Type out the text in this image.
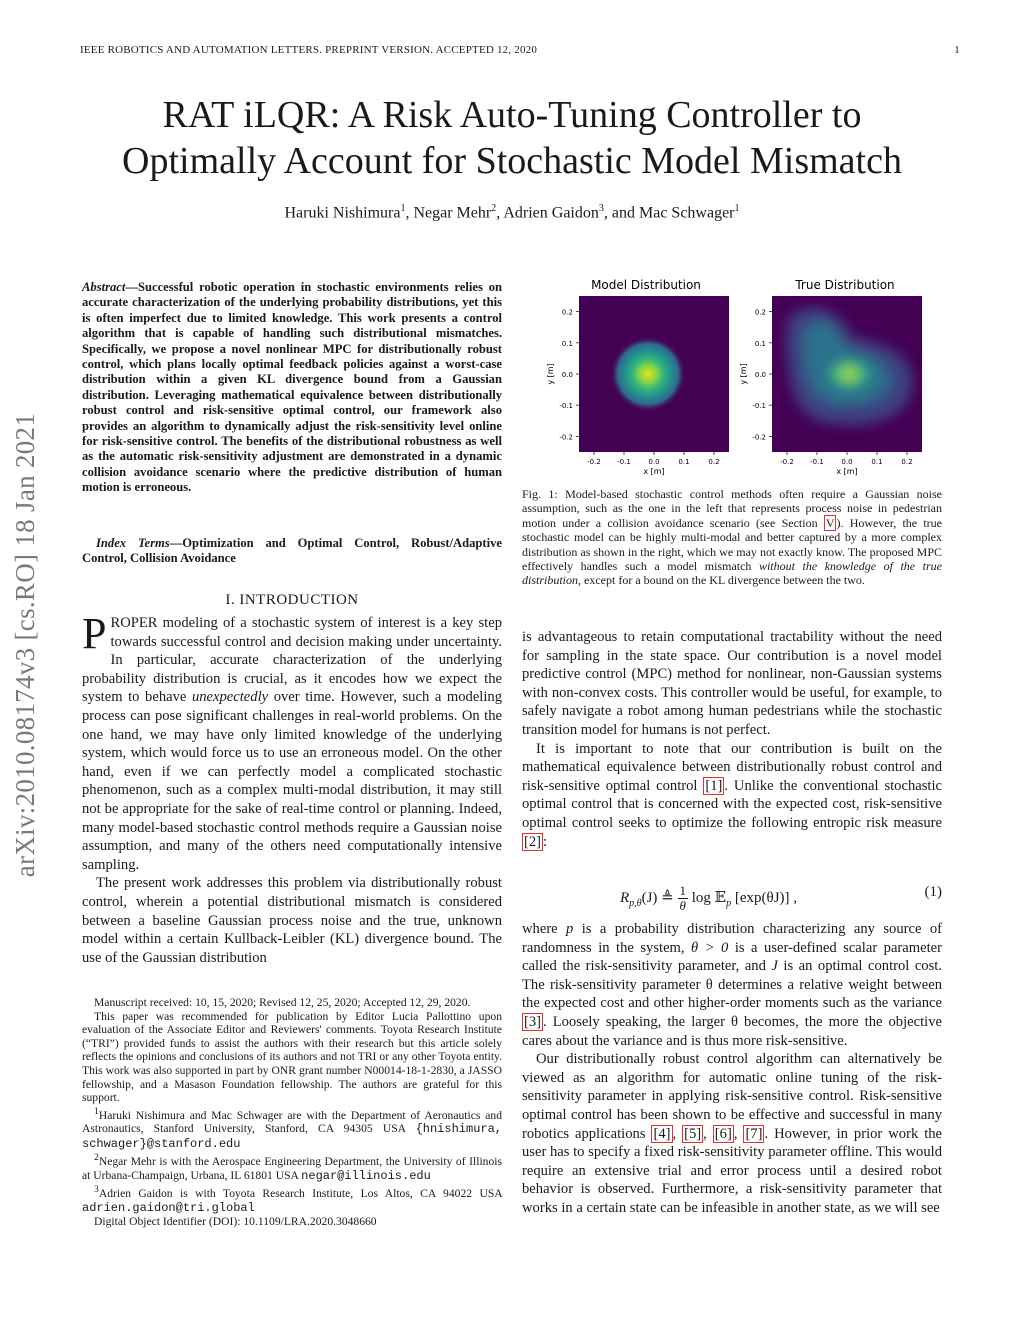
IEEE ROBOTICS AND AUTOMATION LETTERS. PREPRINT VERSION. ACCEPTED 12, 2020	1
RAT iLQR: A Risk Auto-Tuning Controller to
Optimally Account for Stochastic Model Mismatch
Haruki Nishimura$^1$, Negar Mehr$^2$, Adrien Gaidon$^3$, and Mac Schwager$^1$
arXiv:2010.08174v3 [cs.RO] 18 Jan 2021
Abstract—Successful robotic operation in stochastic environments relies on accurate characterization of the underlying probability distributions, yet this is often imperfect due to limited knowledge. This work presents a control algorithm that is capable of handling such distributional mismatches. Specifically, we propose a novel nonlinear MPC for distributionally robust control, which plans locally optimal feedback policies against a worst-case distribution within a given KL divergence bound from a Gaussian distribution. Leveraging mathematical equivalence between distributionally robust control and risk-sensitive optimal control, our framework also provides an algorithm to dynamically adjust the risk-sensitivity level online for risk-sensitive control. The benefits of the distributional robustness as well as the automatic risk-sensitivity adjustment are demonstrated in a dynamic collision avoidance scenario where the predictive distribution of human motion is erroneous.
Index Terms—Optimization and Optimal Control, Robust/Adaptive Control, Collision Avoidance
I. INTRODUCTION

PROPER modeling of a stochastic system of interest is a key step towards successful control and decision making under uncertainty. In particular, accurate characterization of the underlying probability distribution is crucial, as it encodes how we expect the system to behave unexpectedly over time. However, such a modeling process can pose significant challenges in real-world problems. On the one hand, we may have only limited knowledge of the underlying system, which would force us to use an erroneous model. On the other hand, even if we can perfectly model a complicated stochastic phenomenon, such as a complex multi-modal distribution, it may still not be appropriate for the sake of real-time control or planning. Indeed, many model-based stochastic control methods require a Gaussian noise assumption, and many of the others need computationally intensive sampling.

The present work addresses this problem via distributionally robust control, wherein a potential distributional mismatch is considered between a baseline Gaussian process noise and the true, unknown model within a certain Kullback-Leibler (KL) divergence bound. The use of the Gaussian distribution

Manuscript received: 10, 15, 2020; Revised 12, 25, 2020; Accepted 12, 29, 2020.

This paper was recommended for publication by Editor Lucia Pallottino upon evaluation of the Associate Editor and Reviewers' comments. Toyota Research Institute (“TRI”) provided funds to assist the authors with their research but this article solely reflects the opinions and conclusions of its authors and not TRI or any other Toyota entity. This work was also supported in part by ONR grant number N00014-18-1-2830, a JASSO fellowship, and a Masason Foundation fellowship. The authors are grateful for this support.

$^1$Haruki Nishimura and Mac Schwager are with the Department of Aeronautics and Astronautics, Stanford University, Stanford, CA 94305 USA {hnishimura, schwager}@stanford.edu

$^2$Negar Mehr is with the Aerospace Engineering Department, the University of Illinois at Urbana-Champaign, Urbana, IL 61801 USA negar@illinois.edu

$^3$Adrien Gaidon is with Toyota Research Institute, Los Altos, CA 94022 USA adrien.gaidon@tri.global

Digital Object Identifier (DOI): 10.1109/LRA.2020.3048660

Model Distribution	True Distribution
0.2
0.1
0.0
-0.1
-0.2
-0.2 -0.1	0.0	0.1	0.2
x [m]
y [m]
0.2
0.1
0.0
-0.1
-0.2
-0.2 -0.1	0.0	0.1	0.2
x [m]
y [m]
Fig. 1: Model-based stochastic control methods often require a Gaussian noise assumption, such as the one in the left that represents process noise in pedestrian motion under a collision avoidance scenario (see Section V ). However, the true stochastic model can be highly multi-modal and better captured by a more complex distribution as shown in the right, which we may not exactly know. The proposed MPC effectively handles such a model mismatch without the knowledge of the true distribution, except for a bound on the KL divergence between the two.

is advantageous to retain computational tractability without the need for sampling in the state space. Our contribution is a novel model predictive control (MPC) method for nonlinear, non-Gaussian systems with non-convex costs. This controller would be useful, for example, to safely navigate a robot among human pedestrians while the stochastic transition model for humans is not perfect.

It is important to note that our contribution is built on the mathematical equivalence between distributionally robust control and risk-sensitive optimal control [1] . Unlike the conventional stochastic optimal control that is concerned with the expected cost, risk-sensitive optimal control seeks to optimize the following entropic risk measure [2] :

$R_{p,\theta}(J)$ ≜ $\frac{1}{\theta}$ log 𝔼$_p$ [exp(θJ)] ,	(1)

where p is a probability distribution characterizing any source of randomness in the system, θ > 0 is a user-defined scalar parameter called the risk-sensitivity parameter, and J is an optimal control cost. The risk-sensitivity parameter θ determines a relative weight between the expected cost and other higher-order moments such as the variance [3] . Loosely speaking, the larger θ becomes, the more the objective cares about the variance and is thus more risk-sensitive.

Our distributionally robust control algorithm can alternatively be viewed as an algorithm for automatic online tuning of the risk-sensitivity parameter in applying risk-sensitive control. Risk-sensitive optimal control has been shown to be effective and successful in many robotics applications [4] , [5] , [6] , [7] . However, in prior work the user has to specify a fixed risk-sensitivity parameter offline. This would require an extensive trial and error process until a desired robot behavior is observed. Furthermore, a risk-sensitivity parameter that works in a certain state can be infeasible in another state, as we will see
